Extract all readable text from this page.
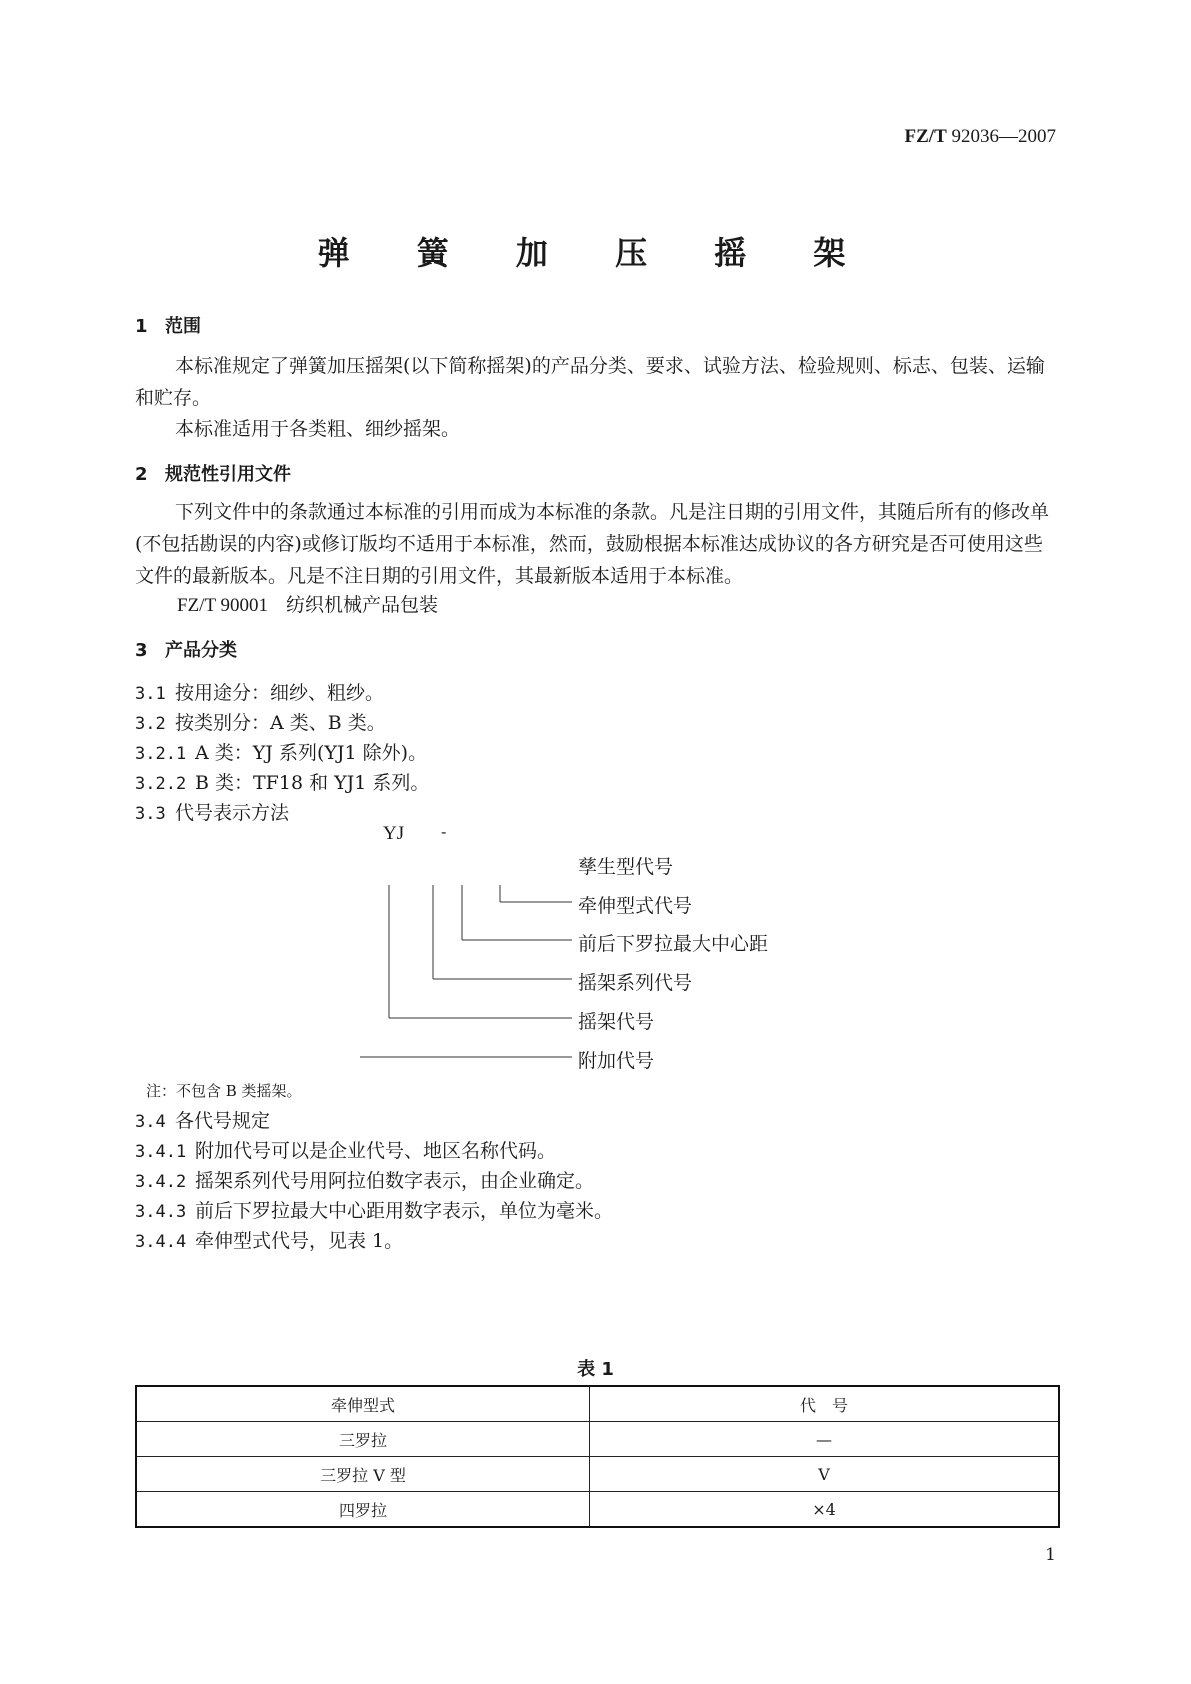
FZ/T 92036—2007
弹 簧 加 压 摇 架
1 范围
本标准规定了弹簧加压摇架(以下简称摇架)的产品分类、要求、试验方法、检验规则、标志、包装、运输和贮存。
本标准适用于各类粗、细纱摇架。
2 规范性引用文件
下列文件中的条款通过本标准的引用而成为本标准的条款。凡是注日期的引用文件，其随后所有的修改单(不包括勘误的内容)或修订版均不适用于本标准，然而，鼓励根据本标准达成协议的各方研究是否可使用这些文件的最新版本。凡是不注日期的引用文件，其最新版本适用于本标准。
FZ/T 90001 纺织机械产品包装
3 产品分类
3.1 按用途分：细纱、粗纱。
3.2 按类别分：A 类、B 类。
3.2.1 A 类：YJ 系列(YJ1 除外)。
3.2.2 B 类：TF18 和 YJ1 系列。
3.3 代号表示方法
YJ -
孳生型代号
牵伸型式代号
前后下罗拉最大中心距
摇架系列代号
摇架代号
附加代号
注：不包含 B 类摇架。
3.4 各代号规定
3.4.1 附加代号可以是企业代号、地区名称代码。
3.4.2 摇架系列代号用阿拉伯数字表示，由企业确定。
3.4.3 前后下罗拉最大中心距用数字表示，单位为毫米。
3.4.4 牵伸型式代号，见表 1。
表 1
牵伸型式	代　号
三罗拉	—
三罗拉 V 型	V
四罗拉	×4
1
